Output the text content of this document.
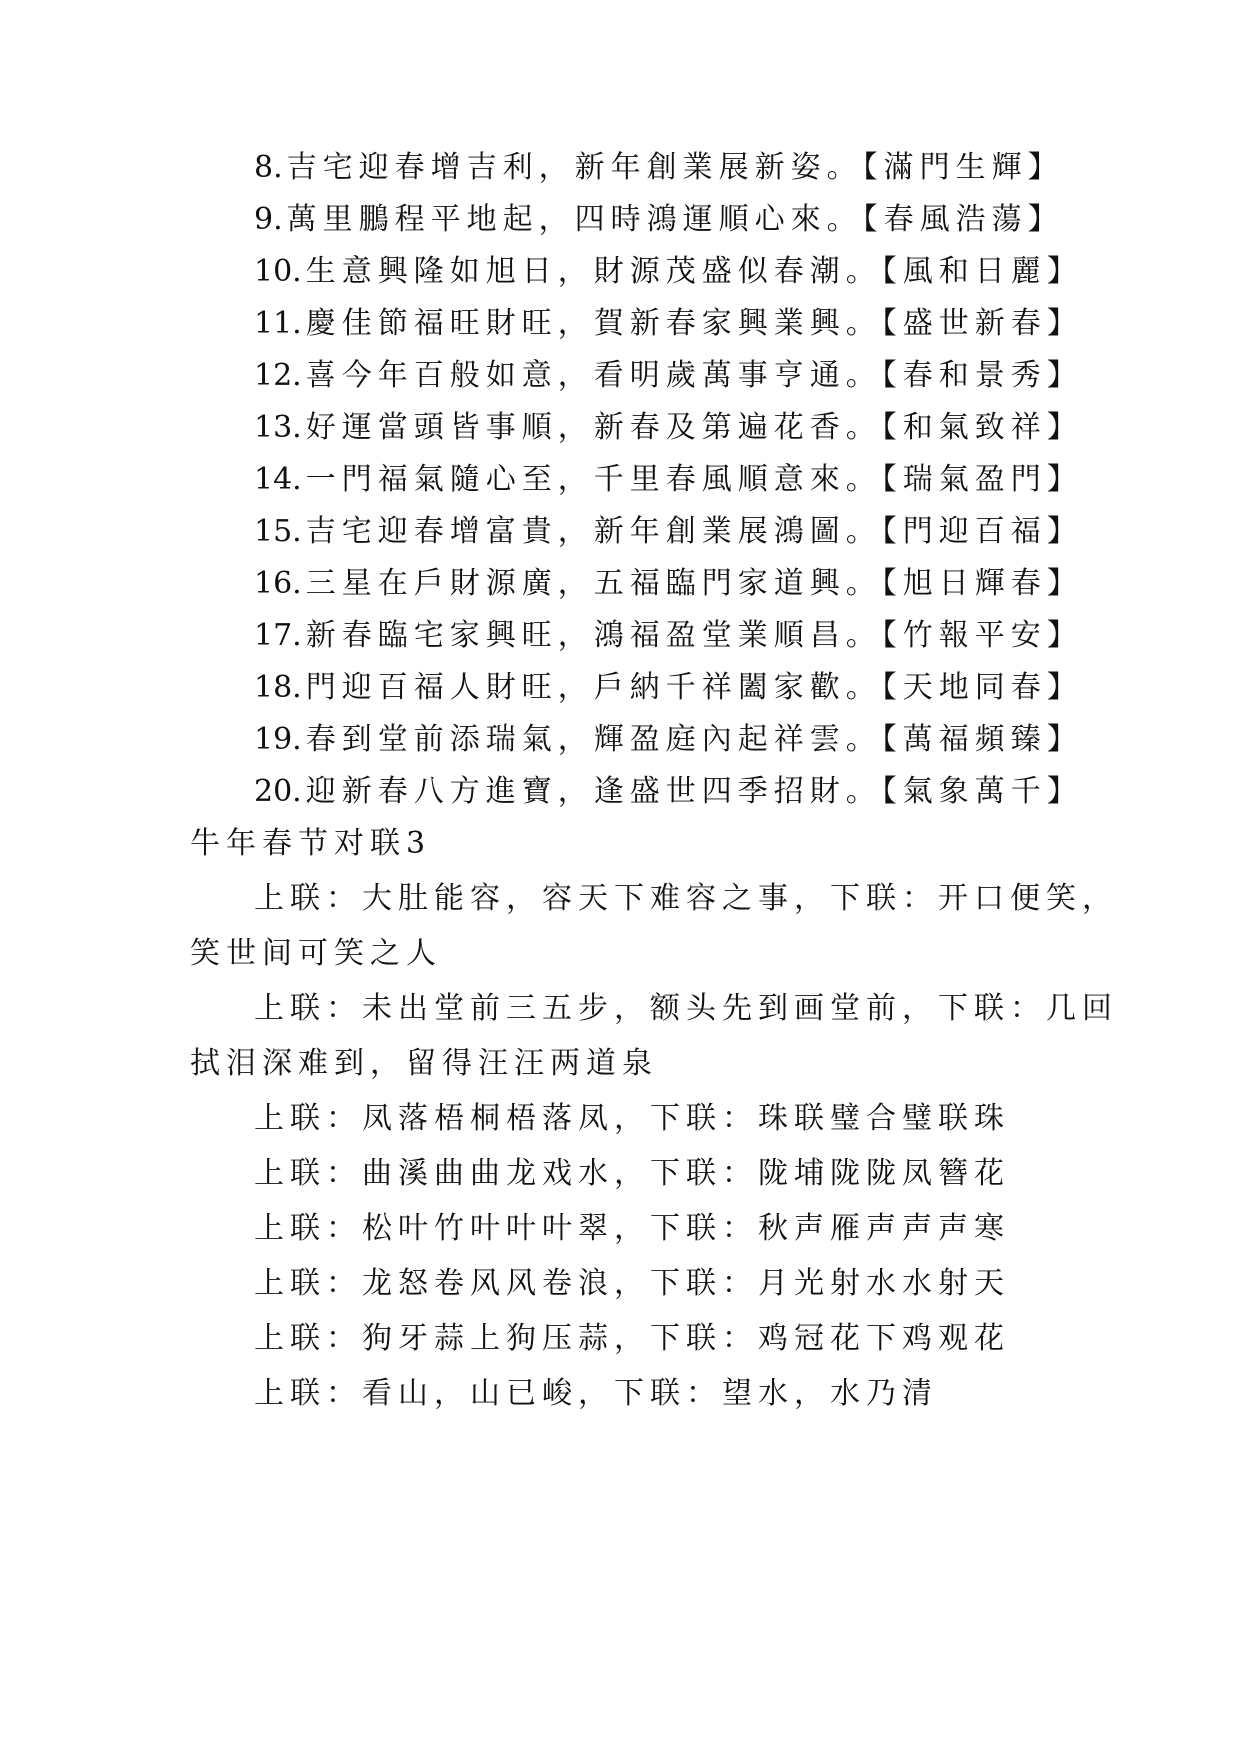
8. 吉宅迎春增吉利，新年創業展新姿。【滿門生輝】
9. 萬里鵬程平地起，四時鴻運順心來。【春風浩蕩】
10. 生意興隆如旭日，財源茂盛似春潮。【風和日麗】
11. 慶佳節福旺財旺，賀新春家興業興。【盛世新春】
12. 喜今年百般如意，看明歲萬事亨通。【春和景秀】
13. 好運當頭皆事順，新春及第遍花香。【和氣致祥】
14. 一門福氣隨心至，千里春風順意來。【瑞氣盈門】
15. 吉宅迎春增富貴，新年創業展鴻圖。【門迎百福】
16. 三星在戶財源廣，五福臨門家道興。【旭日輝春】
17. 新春臨宅家興旺，鴻福盈堂業順昌。【竹報平安】
18. 門迎百福人財旺，戶納千祥闔家歡。【天地同春】
19. 春到堂前添瑞氣，輝盈庭內起祥雲。【萬福頻臻】
20. 迎新春八方進寶，逢盛世四季招財。【氣象萬千】
牛年春节对联3
上联：大肚能容，容天下难容之事，下联：开口便笑，
笑世间可笑之人
上联：未出堂前三五步，额头先到画堂前，下联：几回
拭泪深难到，留得汪汪两道泉
上联：凤落梧桐梧落凤，下联：珠联璧合璧联珠
上联：曲溪曲曲龙戏水，下联：陇埔陇陇凤簪花
上联：松叶竹叶叶叶翠，下联：秋声雁声声声寒
上联：龙怒卷风风卷浪，下联：月光射水水射天
上联：狗牙蒜上狗压蒜，下联：鸡冠花下鸡观花
上联：看山，山已峻，下联：望水，水乃清
